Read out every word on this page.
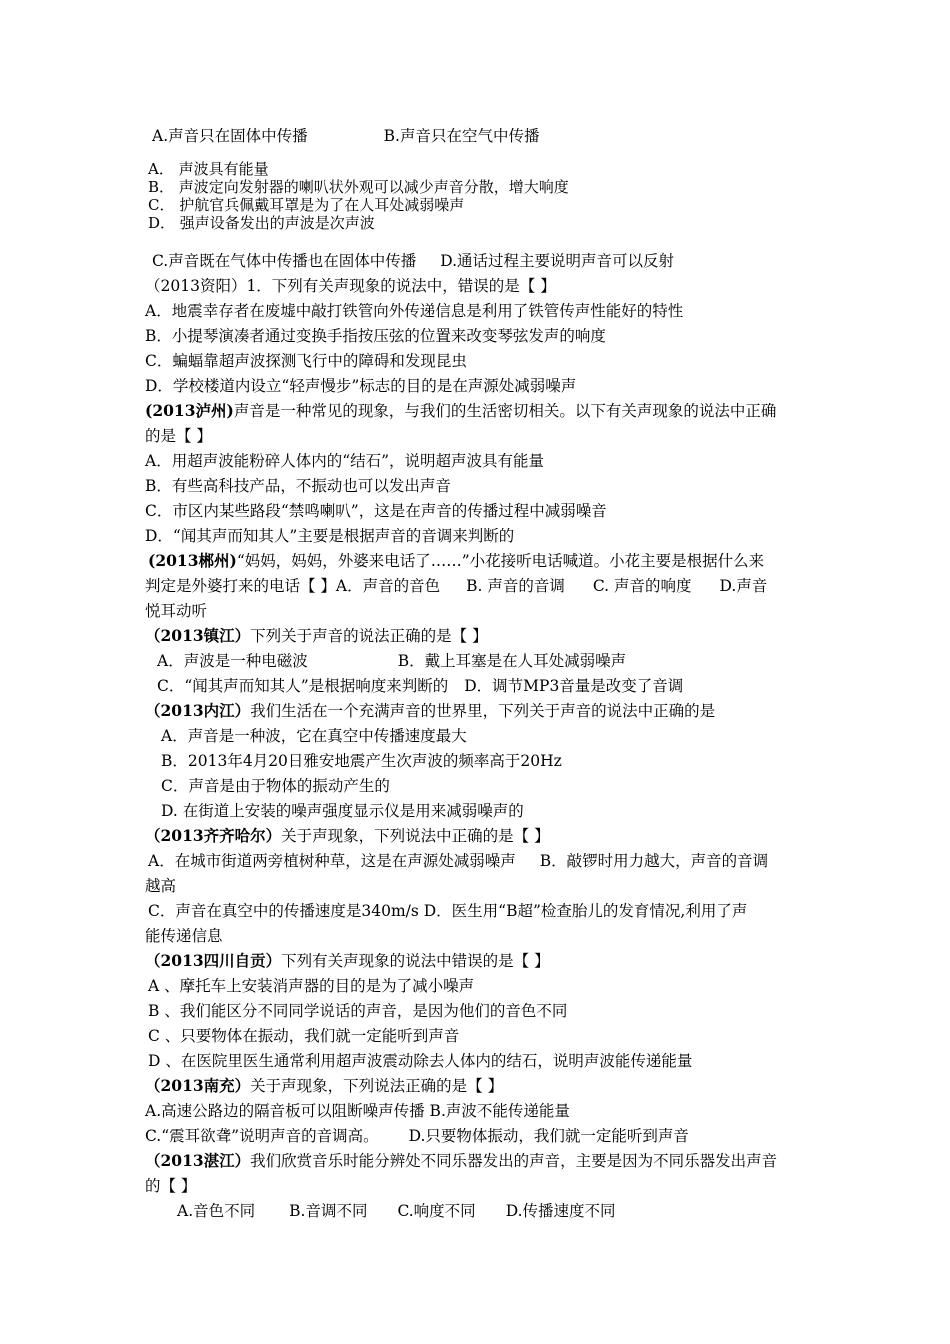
A.声音只在固体中传播	B.声音只在空气中传播
A． 声波具有能量
B． 声波定向发射器的喇叭状外观可以减少声音分散，增大响度
C． 护航官兵佩戴耳罩是为了在人耳处减弱噪声
D． 强声设备发出的声波是次声波
C.声音既在气体中传播也在固体中传播 D.通话过程主要说明声音可以反射
（2013资阳）1．下列有关声现象的说法中，错误的是【 】
A．地震幸存者在废墟中敲打铁管向外传递信息是利用了铁管传声性能好的特性
B．小提琴演凑者通过变换手指按压弦的位置来改变琴弦发声的响度
C．蝙蝠靠超声波探测飞行中的障碍和发现昆虫
D．学校楼道内设立“轻声慢步”标志的目的是在声源处减弱噪声
(2013泸州)声音是一种常见的现象，与我们的生活密切相关。以下有关声现象的说法中正确
的是【 】
A．用超声波能粉碎人体内的“结石”，说明超声波具有能量
B．有些高科技产品，不振动也可以发出声音
C．市区内某些路段“禁鸣喇叭”，这是在声音的传播过程中减弱噪音
D．“闻其声而知其人”主要是根据声音的音调来判断的
(2013郴州)“妈妈，妈妈，外婆来电话了……”小花接听电话喊道。小花主要是根据什么来
判定是外婆打来的电话【 】A．声音的音色 B. 声音的音调 C. 声音的响度 D.声音
悦耳动听
（2013镇江）下列关于声音的说法正确的是【 】
A．声波是一种电磁波	B．戴上耳塞是在人耳处减弱噪声
C．“闻其声而知其人”是根据响度来判断的 D．调节MP3音量是改变了音调
（2013内江）我们生活在一个充满声音的世界里，下列关于声音的说法中正确的是
A．声音是一种波，它在真空中传播速度最大
B．2013年4月20日雅安地震产生次声波的频率高于20Hz
C．声音是由于物体的振动产生的
D. 在街道上安装的噪声强度显示仪是用来减弱噪声的
（2013齐齐哈尔）关于声现象，下列说法中正确的是【 】
A．在城市街道两旁植树种草，这是在声源处减弱噪声 B．敲锣时用力越大，声音的音调
越高
C．声音在真空中的传播速度是340m/s D．医生用“B超”检查胎儿的发育情况,利用了声
能传递信息
（2013四川自贡）下列有关声现象的说法中错误的是【 】
A 、摩托车上安装消声器的目的是为了减小噪声
B 、我们能区分不同同学说话的声音，是因为他们的音色不同
C 、只要物体在振动，我们就一定能听到声音
D 、在医院里医生通常利用超声波震动除去人体内的结石，说明声波能传递能量
（2013南充）关于声现象，下列说法正确的是【 】
A.高速公路边的隔音板可以阻断噪声传播 B.声波不能传递能量
C.“震耳欲聋”说明声音的音调高。 D.只要物体振动，我们就一定能听到声音
（2013湛江）我们欣赏音乐时能分辨处不同乐器发出的声音，主要是因为不同乐器发出声音
的【 】
A.音色不同 B.音调不同 C.响度不同 D.传播速度不同
